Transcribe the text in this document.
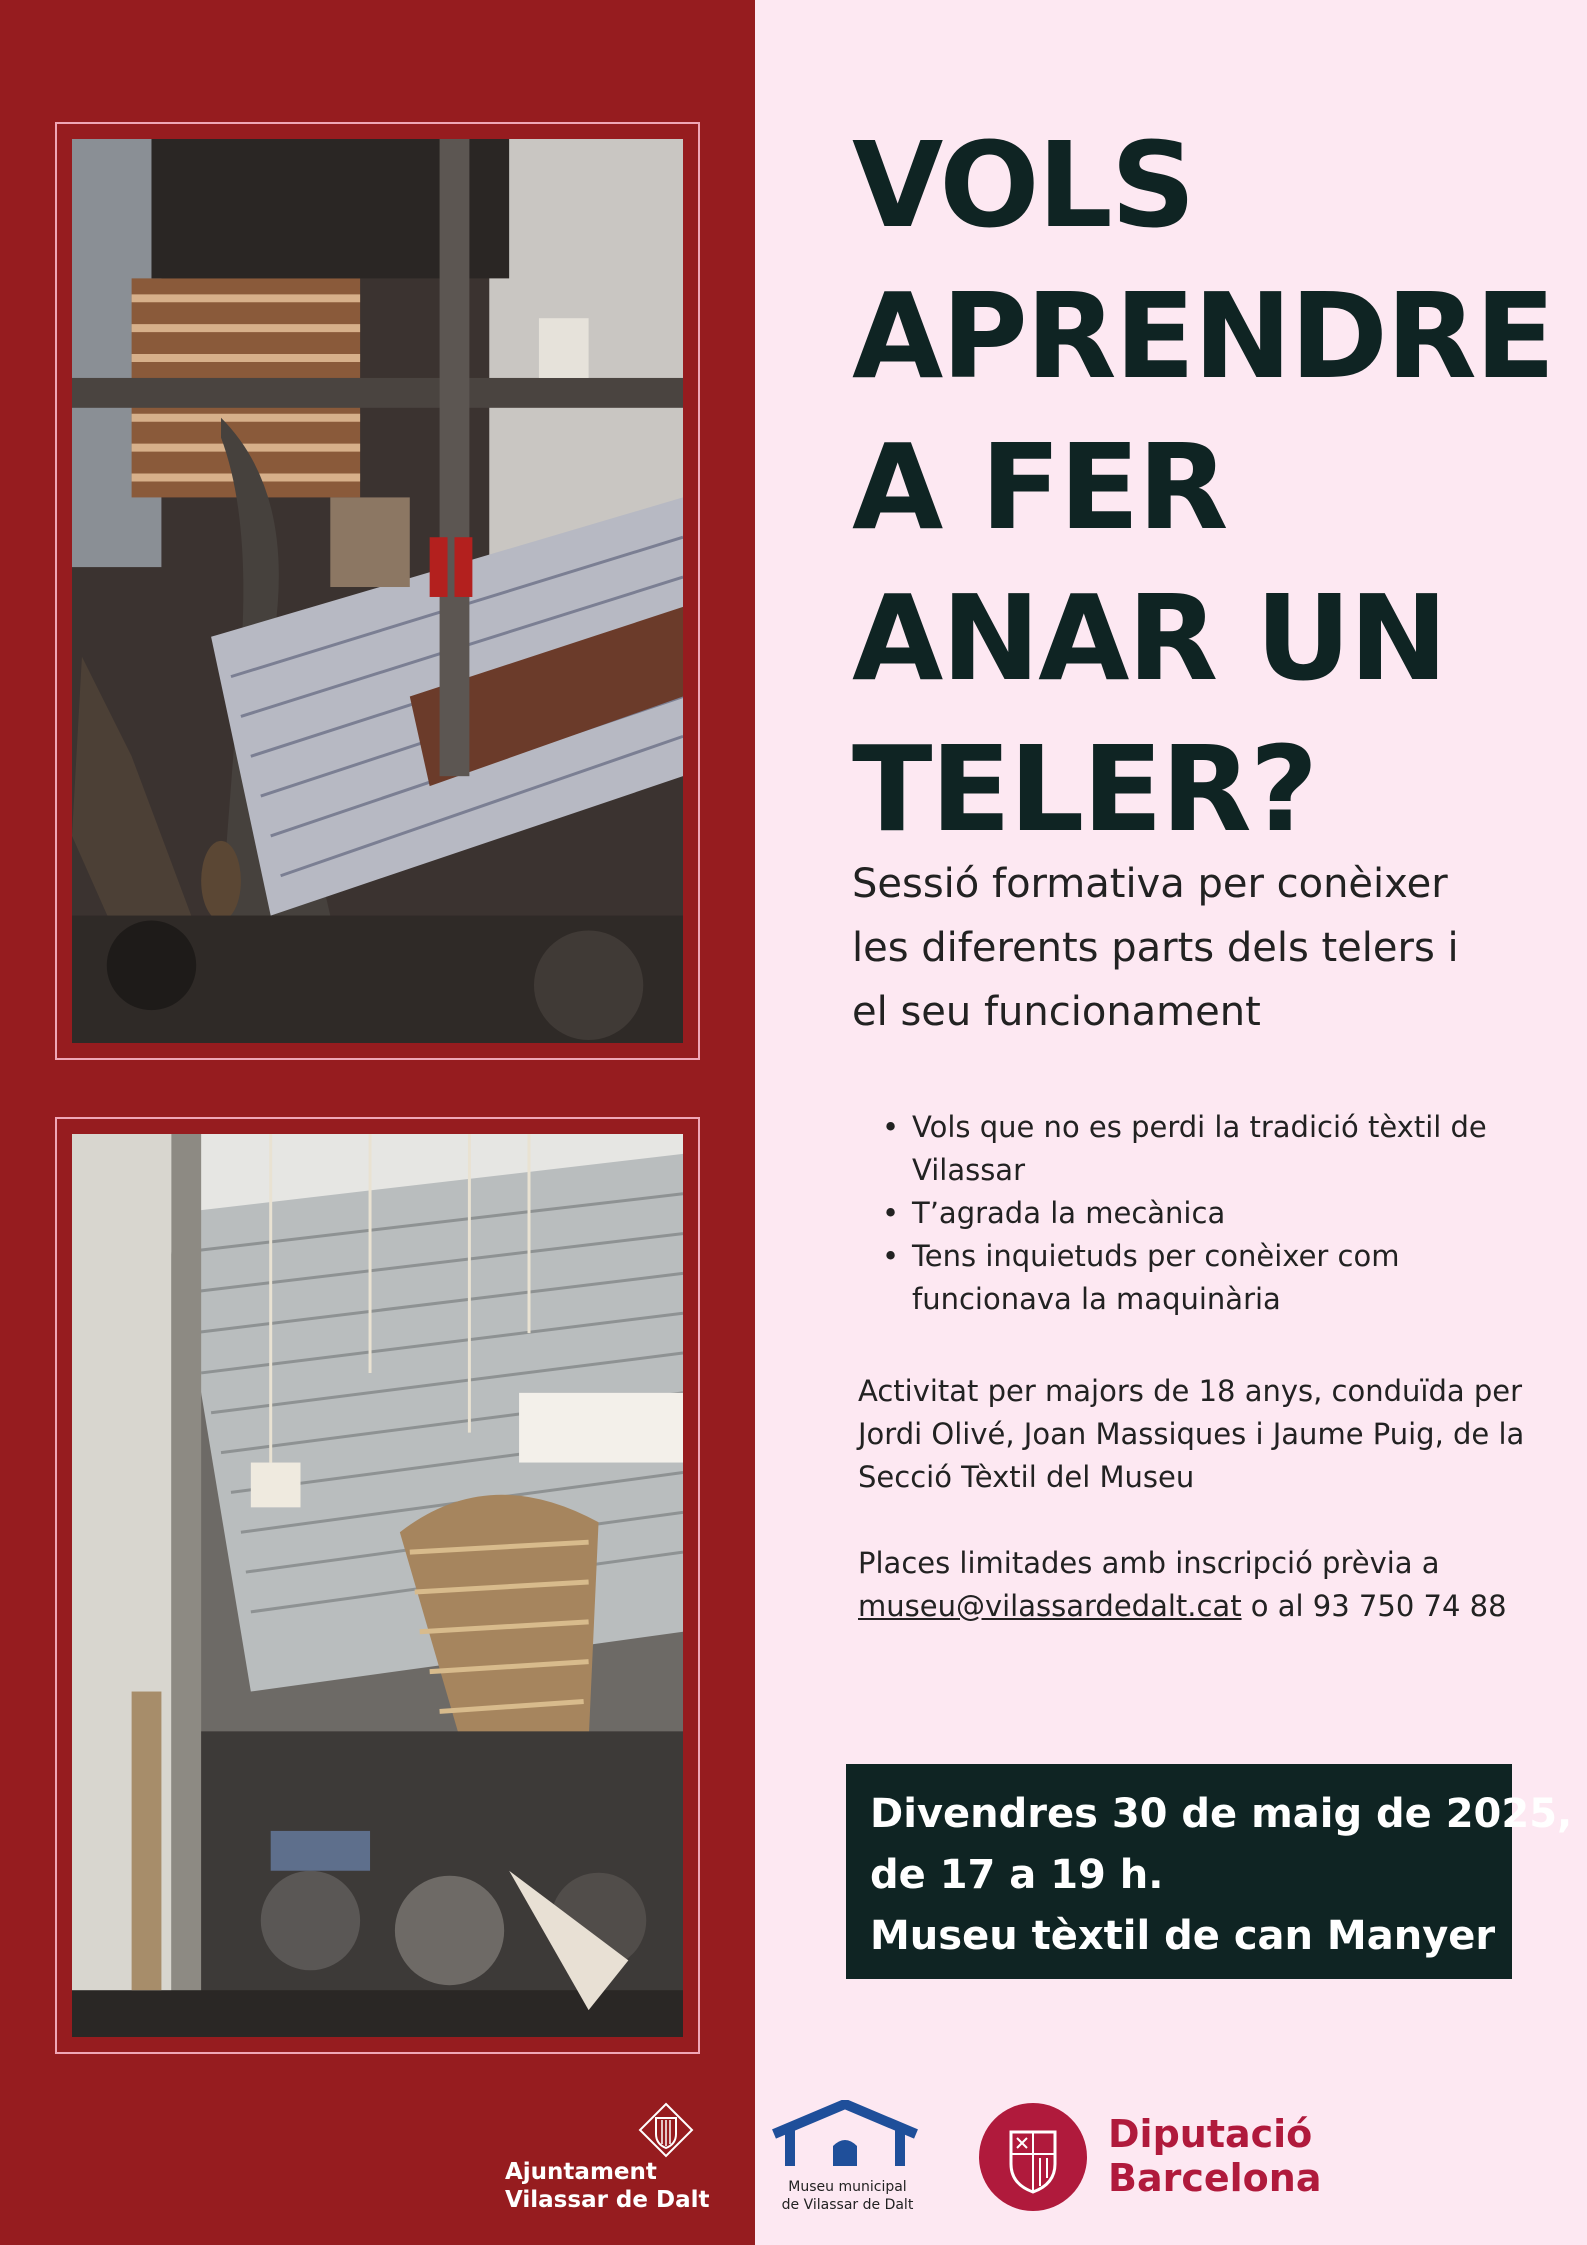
VOLS
APRENDRE
A FER
ANAR UN
TELER?
Sessió formativa per conèixer
les diferents parts dels telers i
el seu funcionament
• Vols que no es perdi la tradició tèxtil de
Vilassar
• T’agrada la mecànica
• Tens inquietuds per conèixer com
funcionava la maquinària
Activitat per majors de 18 anys, conduïda per
Jordi Olivé, Joan Massiques i Jaume Puig, de la
Secció Tèxtil del Museu
Places limitades amb inscripció prèvia a
museu@vilassardedalt.cat o al 93 750 74 88
Divendres 30 de maig de 2025,
de 17 a 19 h.
Museu tèxtil de can Manyer
Ajuntament
Vilassar de Dalt	Museu municipal
de Vilassar de Dalt
Diputació
Barcelona
